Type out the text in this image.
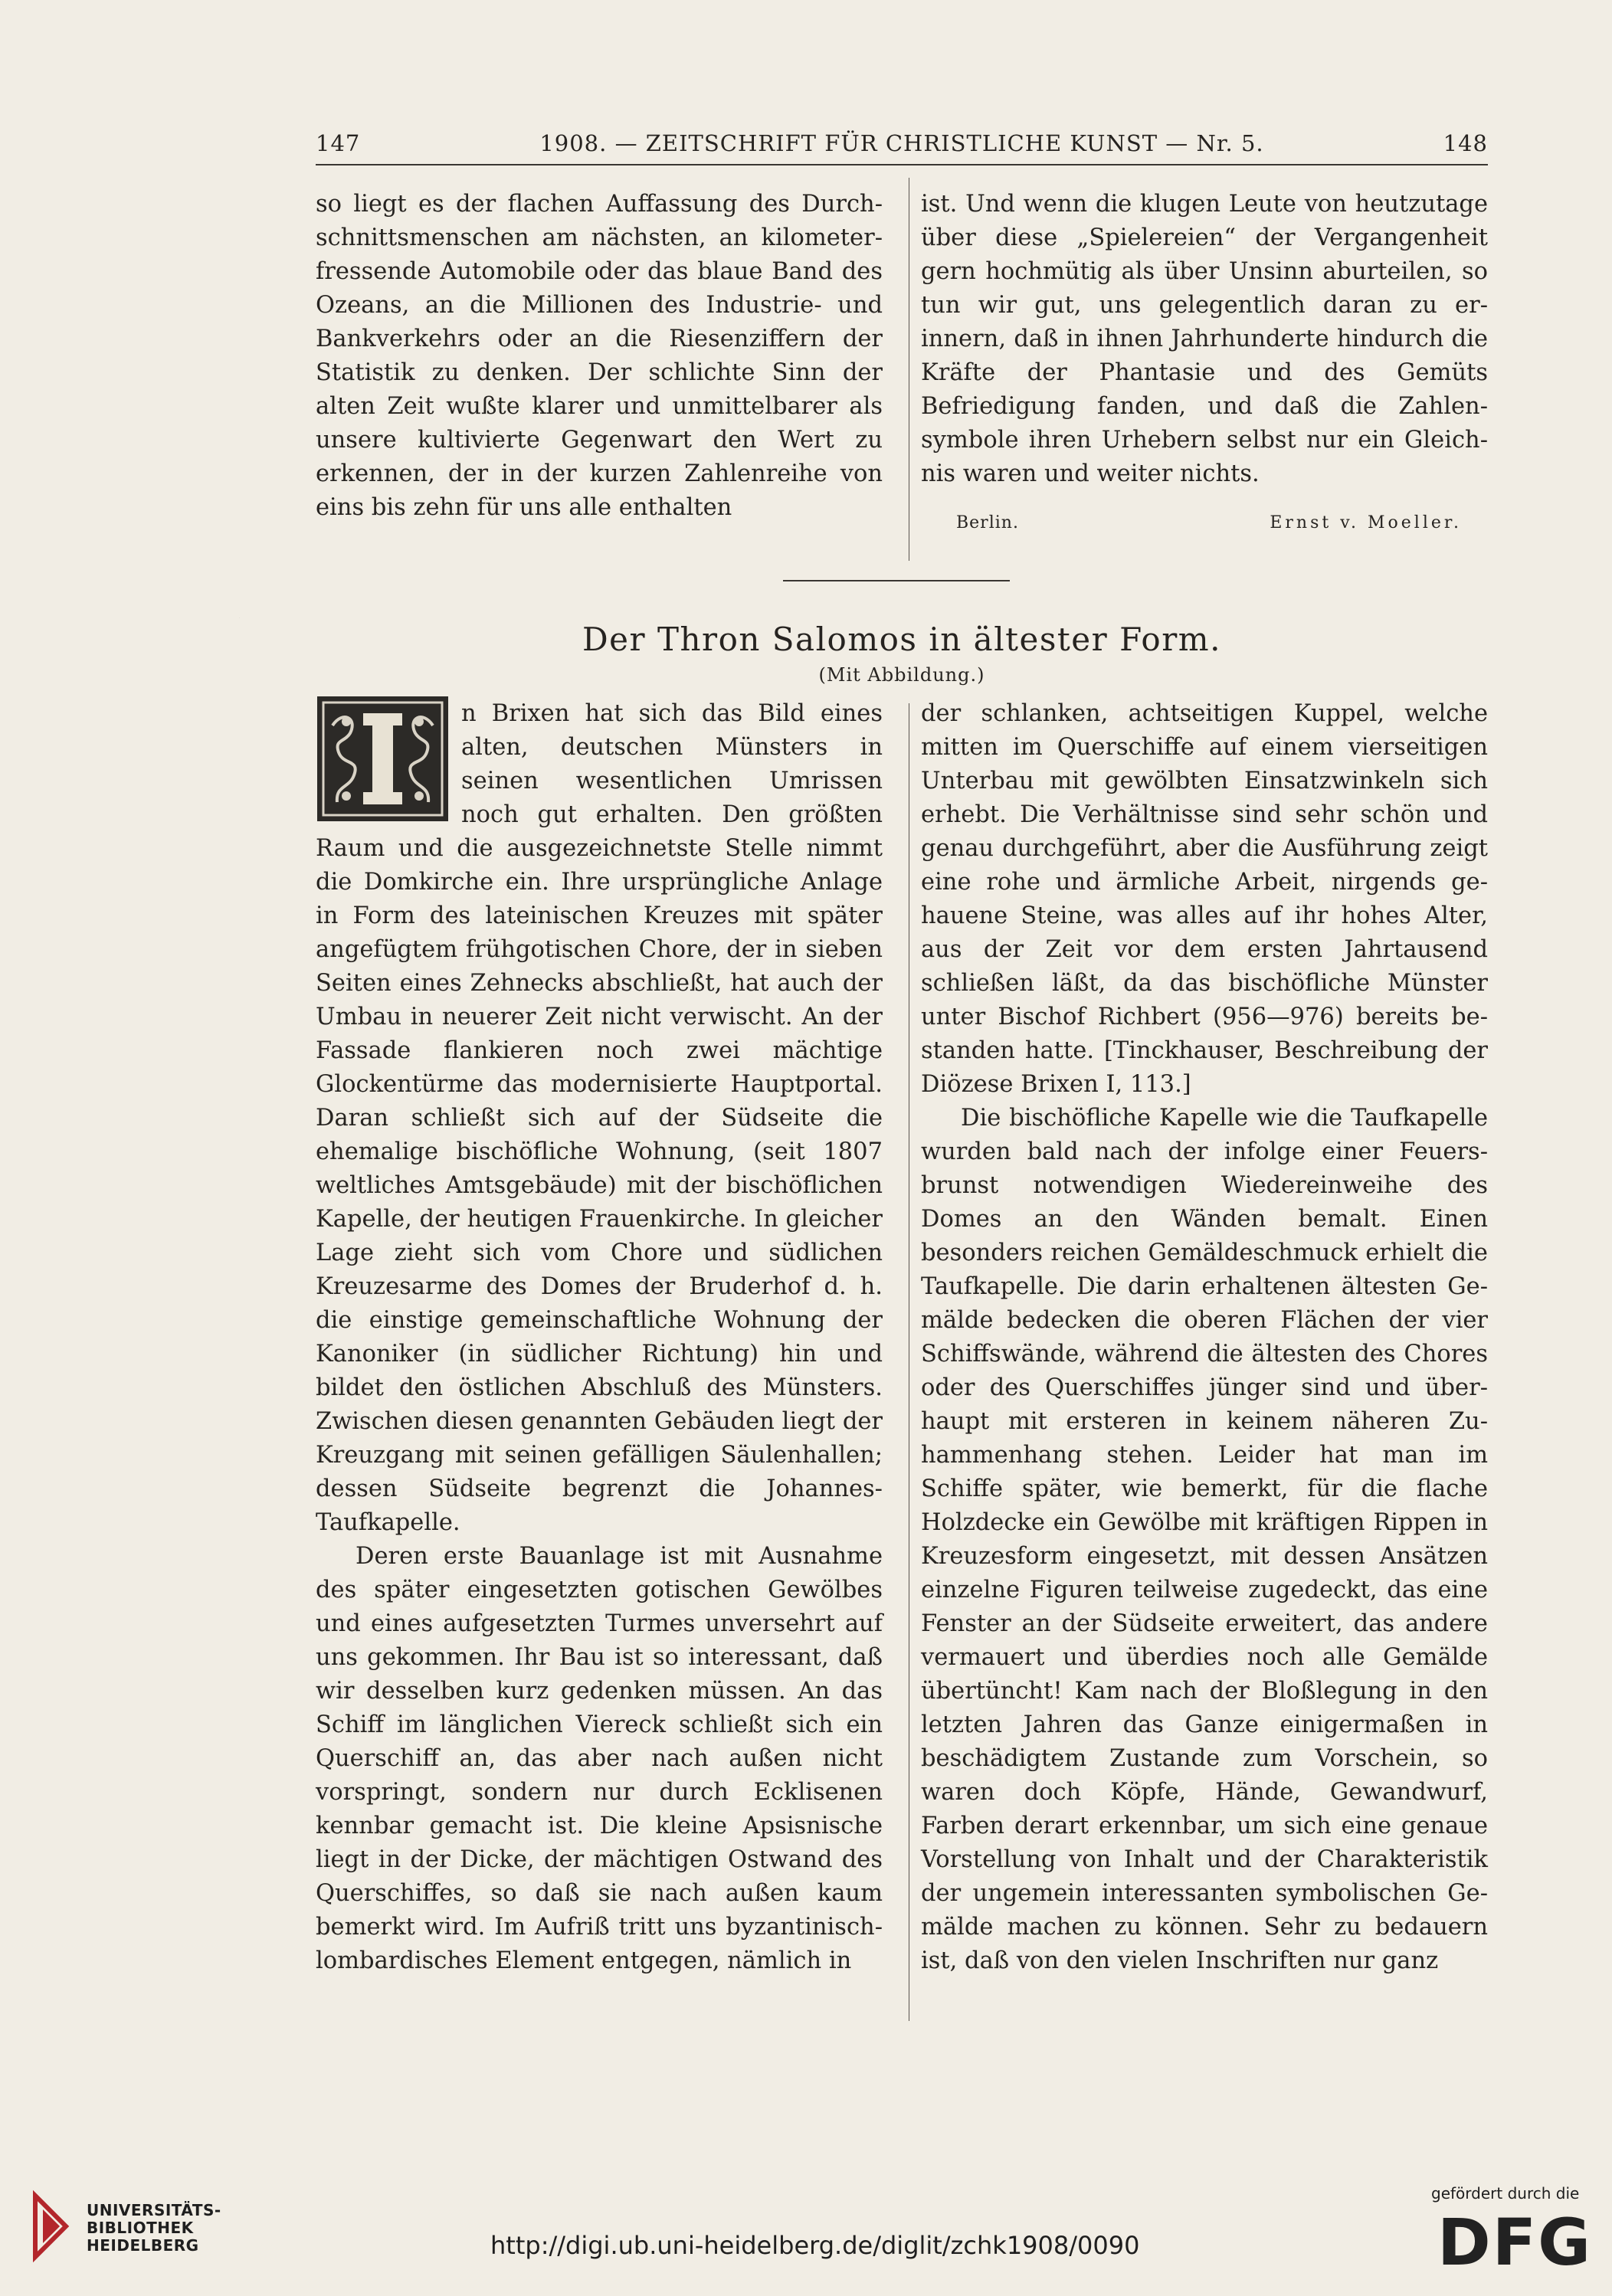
147	1908. — ZEITSCHRIFT FÜR CHRISTLICHE KUNST — Nr. 5.	148

so liegt es der flachen Auffassung des Durchschnittsmenschen am nächsten, an kilometerfressende Automobile oder das blaue Band des Ozeans, an die Millionen des Industrie- und Bankverkehrs oder an die Riesenziffern der Statistik zu denken. Der schlichte Sinn der alten Zeit wußte klarer und unmittelbarer als unsere kultivierte Gegenwart den Wert zu erkennen, der in der kurzen Zahlenreihe von eins bis zehn für uns alle enthalten

ist. Und wenn die klugen Leute von heutzutage über diese „Spielereien“ der Vergangenheit gern hochmütig als über Unsinn aburteilen, so tun wir gut, uns gelegentlich daran zu erinnern, daß in ihnen Jahrhunderte hindurch die Kräfte der Phantasie und des Gemüts Befriedigung fanden, und daß die Zahlensymbole ihren Urhebern selbst nur ein Gleichnis waren und weiter nichts.

Berlin.	Ernst v. Moeller.
Der Thron Salomos in ältester Form.
(Mit Abbildung.)
I

n Brixen hat sich das Bild eines alten, deutschen Münsters in seinen wesentlichen Umrissen noch gut erhalten. Den größten Raum und die ausgezeichnetste Stelle nimmt die Domkirche ein. Ihre ursprüngliche Anlage in Form des lateinischen Kreuzes mit später angefügtem frühgotischen Chore, der in sieben Seiten eines Zehnecks abschließt, hat auch der Umbau in neuerer Zeit nicht verwischt. An der Fassade flankieren noch zwei mächtige Glockentürme das modernisierte Hauptportal. Daran schließt sich auf der Südseite die ehemalige bischöfliche Wohnung, (seit 1807 weltliches Amtsgebäude) mit der bischöflichen Kapelle, der heutigen Frauenkirche. In gleicher Lage zieht sich vom Chore und südlichen Kreuzesarme des Domes der Bruderhof d. h. die einstige gemeinschaftliche Wohnung der Kanoniker (in südlicher Richtung) hin und bildet den östlichen Abschluß des Münsters. Zwischen diesen genannten Gebäuden liegt der Kreuzgang mit seinen gefälligen Säulenhallen; dessen Südseite begrenzt die Johannes-Taufkapelle.

Deren erste Bauanlage ist mit Ausnahme des später eingesetzten gotischen Gewölbes und eines aufgesetzten Turmes unversehrt auf uns gekommen. Ihr Bau ist so interessant, daß wir desselben kurz gedenken müssen. An das Schiff im länglichen Viereck schließt sich ein Querschiff an, das aber nach außen nicht vorspringt, sondern nur durch Ecklisenen kennbar gemacht ist. Die kleine Apsisnische liegt in der Dicke, der mächtigen Ostwand des Querschiffes, so daß sie nach außen kaum bemerkt wird. Im Aufriß tritt uns byzantinischlombardisches Element entgegen, nämlich in

der schlanken, achtseitigen Kuppel, welche mitten im Querschiffe auf einem vierseitigen Unterbau mit gewölbten Einsatzwinkeln sich erhebt. Die Verhältnisse sind sehr schön und genau durchgeführt, aber die Ausführung zeigt eine rohe und ärmliche Arbeit, nirgends gehauene Steine, was alles auf ihr hohes Alter, aus der Zeit vor dem ersten Jahrtausend schließen läßt, da das bischöfliche Münster unter Bischof Richbert (956—976) bereits bestanden hatte. [Tinckhauser, Beschreibung der Diözese Brixen I, 113.]

Die bischöfliche Kapelle wie die Taufkapelle wurden bald nach der infolge einer Feuersbrunst notwendigen Wiedereinweihe des Domes an den Wänden bemalt. Einen besonders reichen Gemäldeschmuck erhielt die Taufkapelle. Die darin erhaltenen ältesten Gemälde bedecken die oberen Flächen der vier Schiffswände, während die ältesten des Chores oder des Querschiffes jünger sind und überhaupt mit ersteren in keinem näheren Zuhammenhang stehen. Leider hat man im Schiffe später, wie bemerkt, für die flache Holzdecke ein Gewölbe mit kräftigen Rippen in Kreuzesform eingesetzt, mit dessen Ansätzen einzelne Figuren teilweise zugedeckt, das eine Fenster an der Südseite erweitert, das andere vermauert und überdies noch alle Gemälde übertüncht! Kam nach der Bloßlegung in den letzten Jahren das Ganze einigermaßen in beschädigtem Zustande zum Vorschein, so waren doch Köpfe, Hände, Gewandwurf, Farben derart erkennbar, um sich eine genaue Vorstellung von Inhalt und der Charakteristik der ungemein interessanten symbolischen Gemälde machen zu können. Sehr zu bedauern ist, daß von den vielen Inschriften nur ganz

UNIVERSITÄTS-
BIBLIOTHEK
HEIDELBERG	http://digi.ub.uni-heidelberg.de/diglit/zchk1908/0090
gefördert durch die
DFG
